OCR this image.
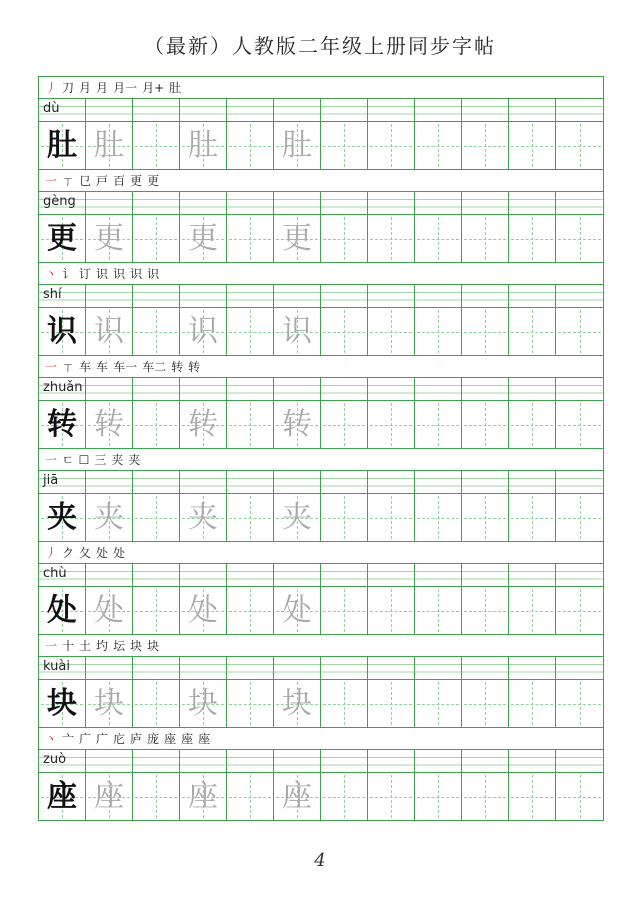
（最新）人教版二年级上册同步字帖
丿 刀 月 月 月一 月+ 肚
dù
肚 肚 肚 肚
一 ㄒ 㔾 戸 百 更 更
gèng
更 更 更 更
丶 讠 订 识 识 识 识
shí
识 识 识 识
一 ㄒ 车 车 车一 车二 转 转
zhuǎn
转 转 转 转
一 ㄷ ☐ 三 夹 夹
jiā
夹 夹 夹 夹
丿 ク 夂 处 处
chù
处 处 处 处
一 十 土 圴 坛 块 块
kuài
块 块 块 块
丶 亠 广 广 庀 庐 庞 座 座 座
zuò
座 座 座 座
4
